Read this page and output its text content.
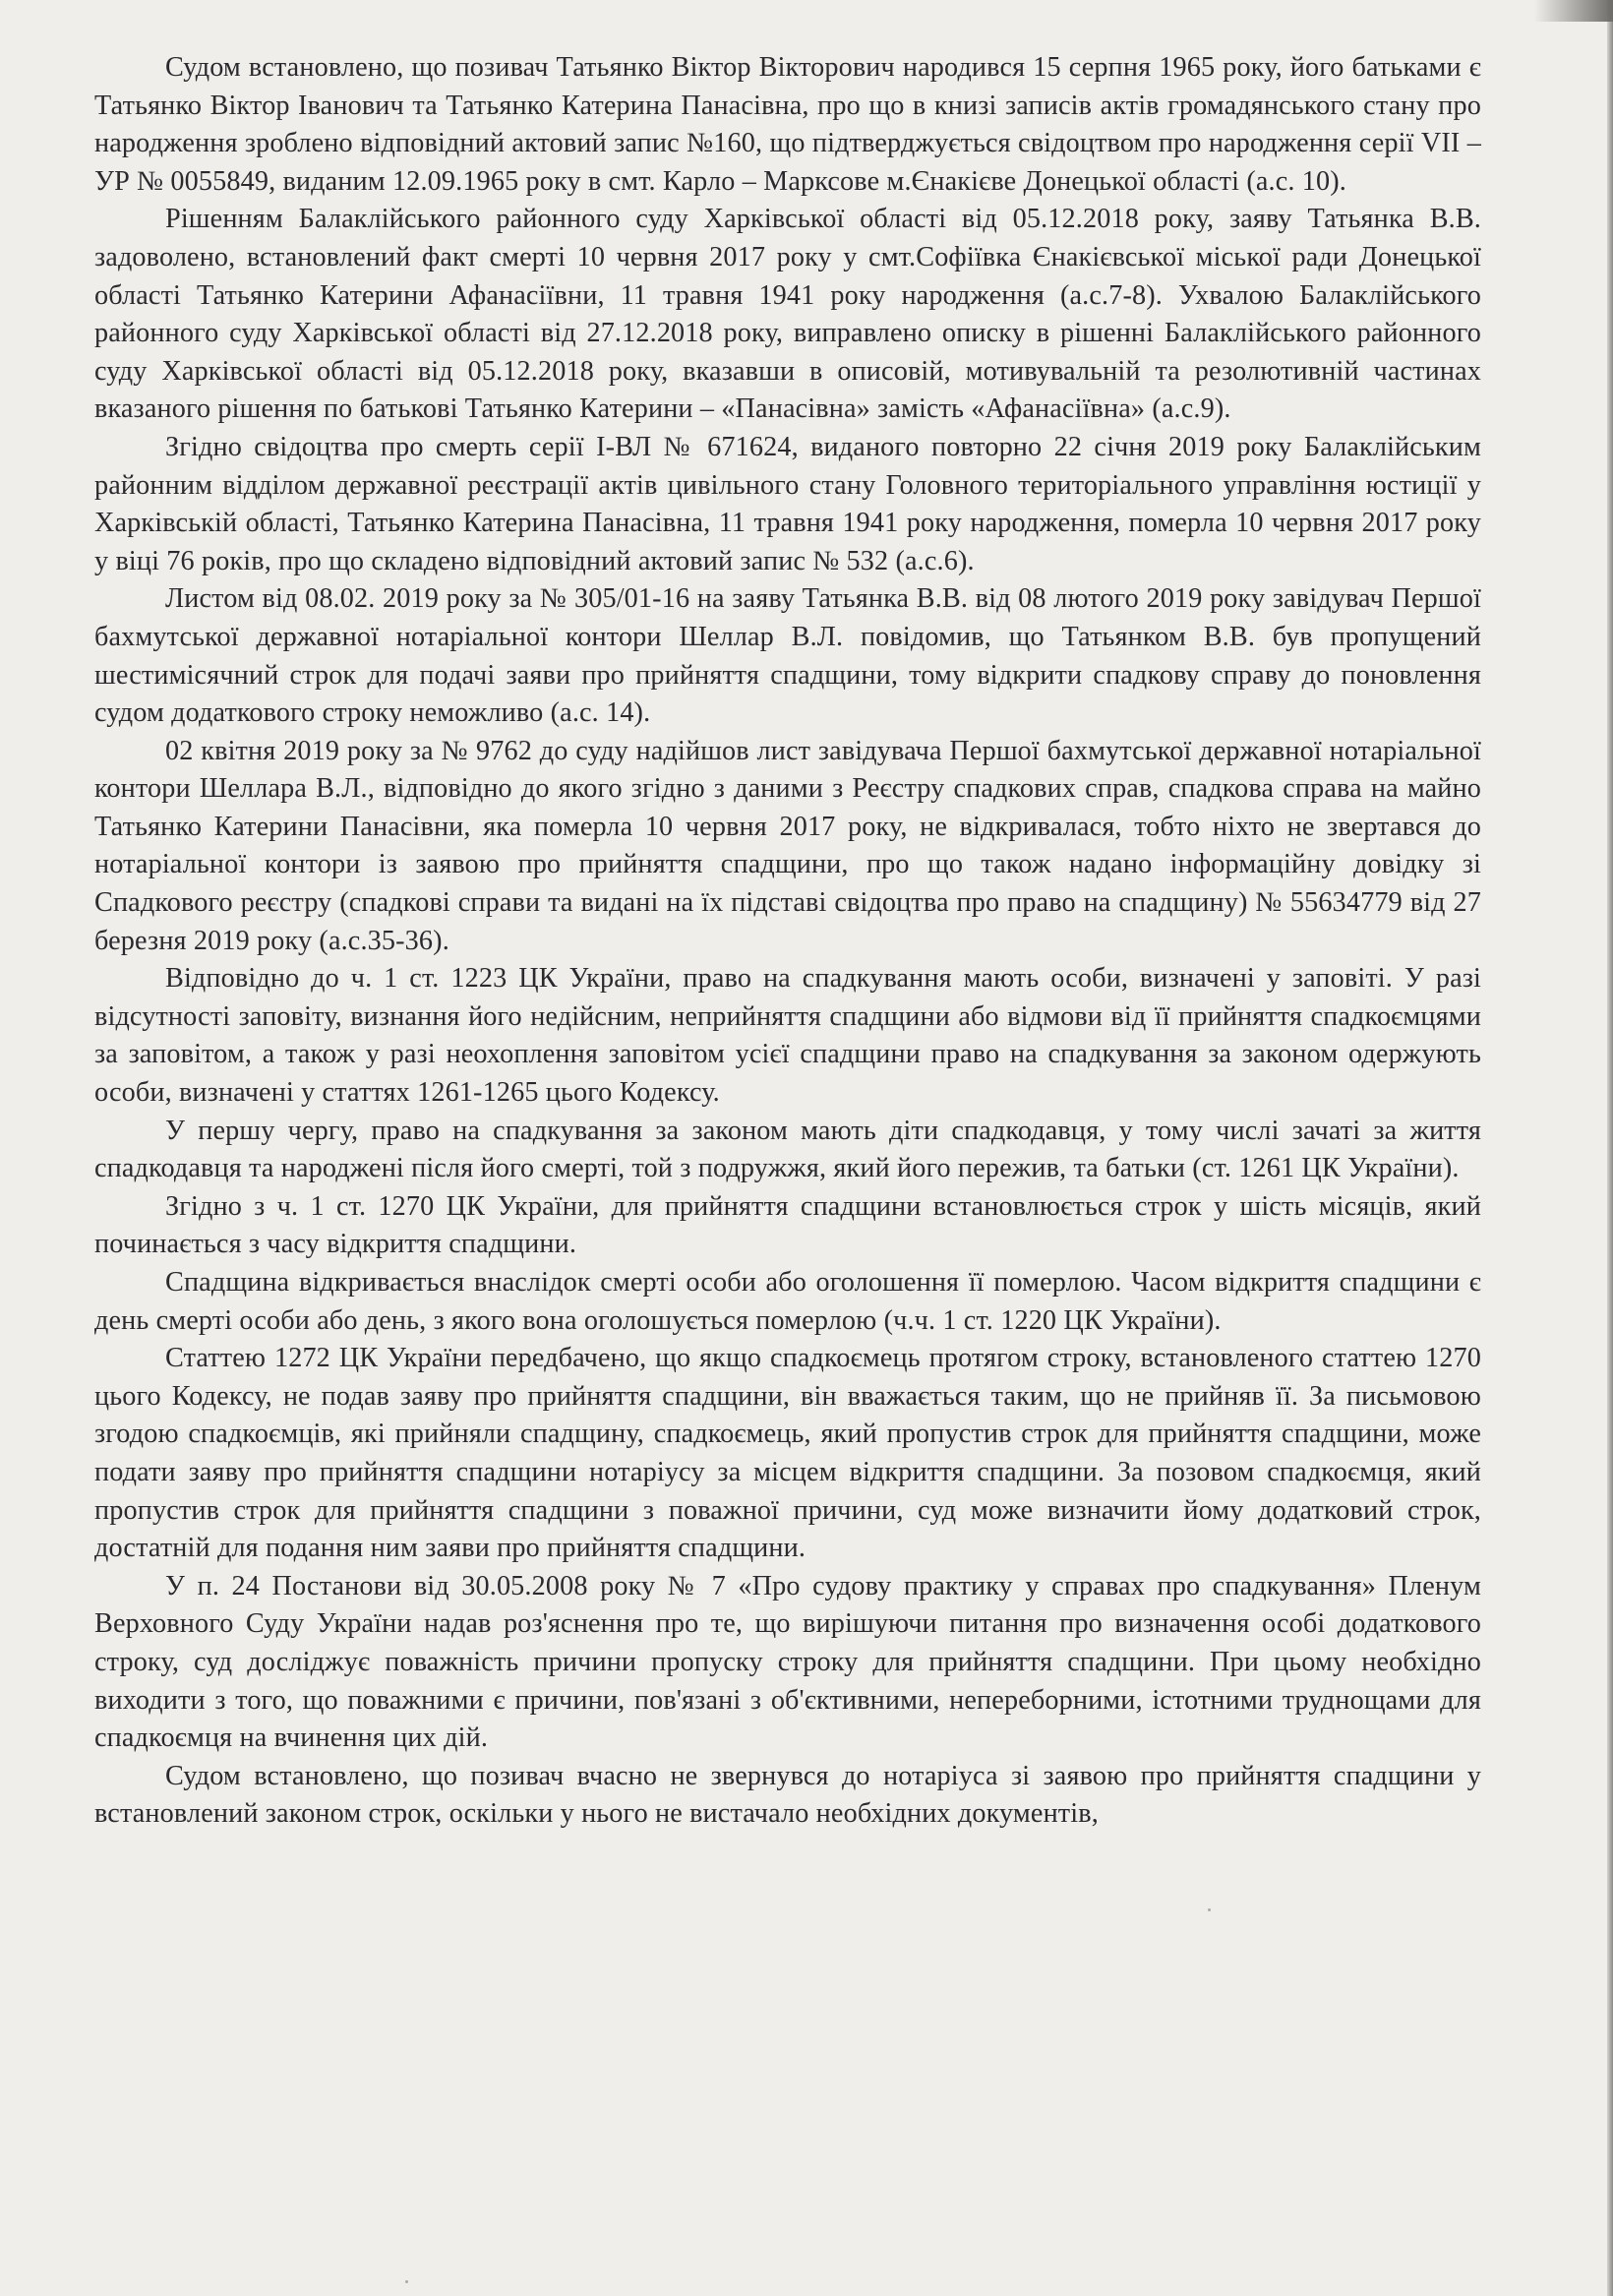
Судом встановлено, що позивач Татьянко Віктор Вікторович народився 15 серпня 1965 року, його батьками є Татьянко Віктор Іванович та Татьянко Катерина Панасівна, про що в книзі записів актів громадянського стану про народження зроблено відповідний актовий запис №160, що підтверджується свідоцтвом про народження серії VII – УР № 0055849, виданим 12.09.1965 року в смт. Карло – Марксове м.Єнакієве Донецької області (а.с. 10).

Рішенням Балаклійського районного суду Харківської області від 05.12.2018 року, заяву Татьянка В.В. задоволено, встановлений факт смерті 10 червня 2017 року у смт.Софіївка Єнакієвської міської ради Донецької області Татьянко Катерини Афанасіївни, 11 травня 1941 року народження (а.с.7-8). Ухвалою Балаклійського районного суду Харківської області від 27.12.2018 року, виправлено описку в рішенні Балаклійського районного суду Харківської області від 05.12.2018 року, вказавши в описовій, мотивувальній та резолютивній частинах вказаного рішення по батькові Татьянко Катерини – «Панасівна» замість «Афанасіївна» (а.с.9).

Згідно свідоцтва про смерть серії І-ВЛ № 671624, виданого повторно 22 січня 2019 року Балаклійським районним відділом державної реєстрації актів цивільного стану Головного територіального управління юстиції у Харківській області, Татьянко Катерина Панасівна, 11 травня 1941 року народження, померла 10 червня 2017 року у віці 76 років, про що складено відповідний актовий запис № 532 (а.с.6).

Листом від 08.02. 2019 року за № 305/01-16 на заяву Татьянка В.В. від 08 лютого 2019 року завідувач Першої бахмутської державної нотаріальної контори Шеллар В.Л. повідомив, що Татьянком В.В. був пропущений шестимісячний строк для подачі заяви про прийняття спадщини, тому відкрити спадкову справу до поновлення судом додаткового строку неможливо (а.с. 14).

02 квітня 2019 року за № 9762 до суду надійшов лист завідувача Першої бахмутської державної нотаріальної контори Шеллара В.Л., відповідно до якого згідно з даними з Реєстру спадкових справ, спадкова справа на майно Татьянко Катерини Панасівни, яка померла 10 червня 2017 року, не відкривалася, тобто ніхто не звертався до нотаріальної контори із заявою про прийняття спадщини, про що також надано інформаційну довідку зі Спадкового реєстру (спадкові справи та видані на їх підставі свідоцтва про право на спадщину) № 55634779 від 27 березня 2019 року (а.с.35-36).

Відповідно до ч. 1 ст. 1223 ЦК України, право на спадкування мають особи, визначені у заповіті. У разі відсутності заповіту, визнання його недійсним, неприйняття спадщини або відмови від її прийняття спадкоємцями за заповітом, а також у разі неохоплення заповітом усієї спадщини право на спадкування за законом одержують особи, визначені у статтях 1261-1265 цього Кодексу.

У першу чергу, право на спадкування за законом мають діти спадкодавця, у тому числі зачаті за життя спадкодавця та народжені після його смерті, той з подружжя, який його пережив, та батьки (ст. 1261 ЦК України).

Згідно з ч. 1 ст. 1270 ЦК України, для прийняття спадщини встановлюється строк у шість місяців, який починається з часу відкриття спадщини.

Спадщина відкривається внаслідок смерті особи або оголошення її померлою. Часом відкриття спадщини є день смерті особи або день, з якого вона оголошується померлою (ч.ч. 1 ст. 1220 ЦК України).

Статтею 1272 ЦК України передбачено, що якщо спадкоємець протягом строку, встановленого статтею 1270 цього Кодексу, не подав заяву про прийняття спадщини, він вважається таким, що не прийняв її. За письмовою згодою спадкоємців, які прийняли спадщину, спадкоємець, який пропустив строк для прийняття спадщини, може подати заяву про прийняття спадщини нотаріусу за місцем відкриття спадщини. За позовом спадкоємця, який пропустив строк для прийняття спадщини з поважної причини, суд може визначити йому додатковий строк, достатній для подання ним заяви про прийняття спадщини.

У п. 24 Постанови від 30.05.2008 року № 7 «Про судову практику у справах про спадкування» Пленум Верховного Суду України надав роз'яснення про те, що вирішуючи питання про визначення особі додаткового строку, суд досліджує поважність причини пропуску строку для прийняття спадщини. При цьому необхідно виходити з того, що поважними є причини, пов'язані з об'єктивними, непереборними, істотними труднощами для спадкоємця на вчинення цих дій.

Судом встановлено, що позивач вчасно не звернувся до нотаріуса зі заявою про прийняття спадщини у встановлений законом строк, оскільки у нього не вистачало необхідних документів,
